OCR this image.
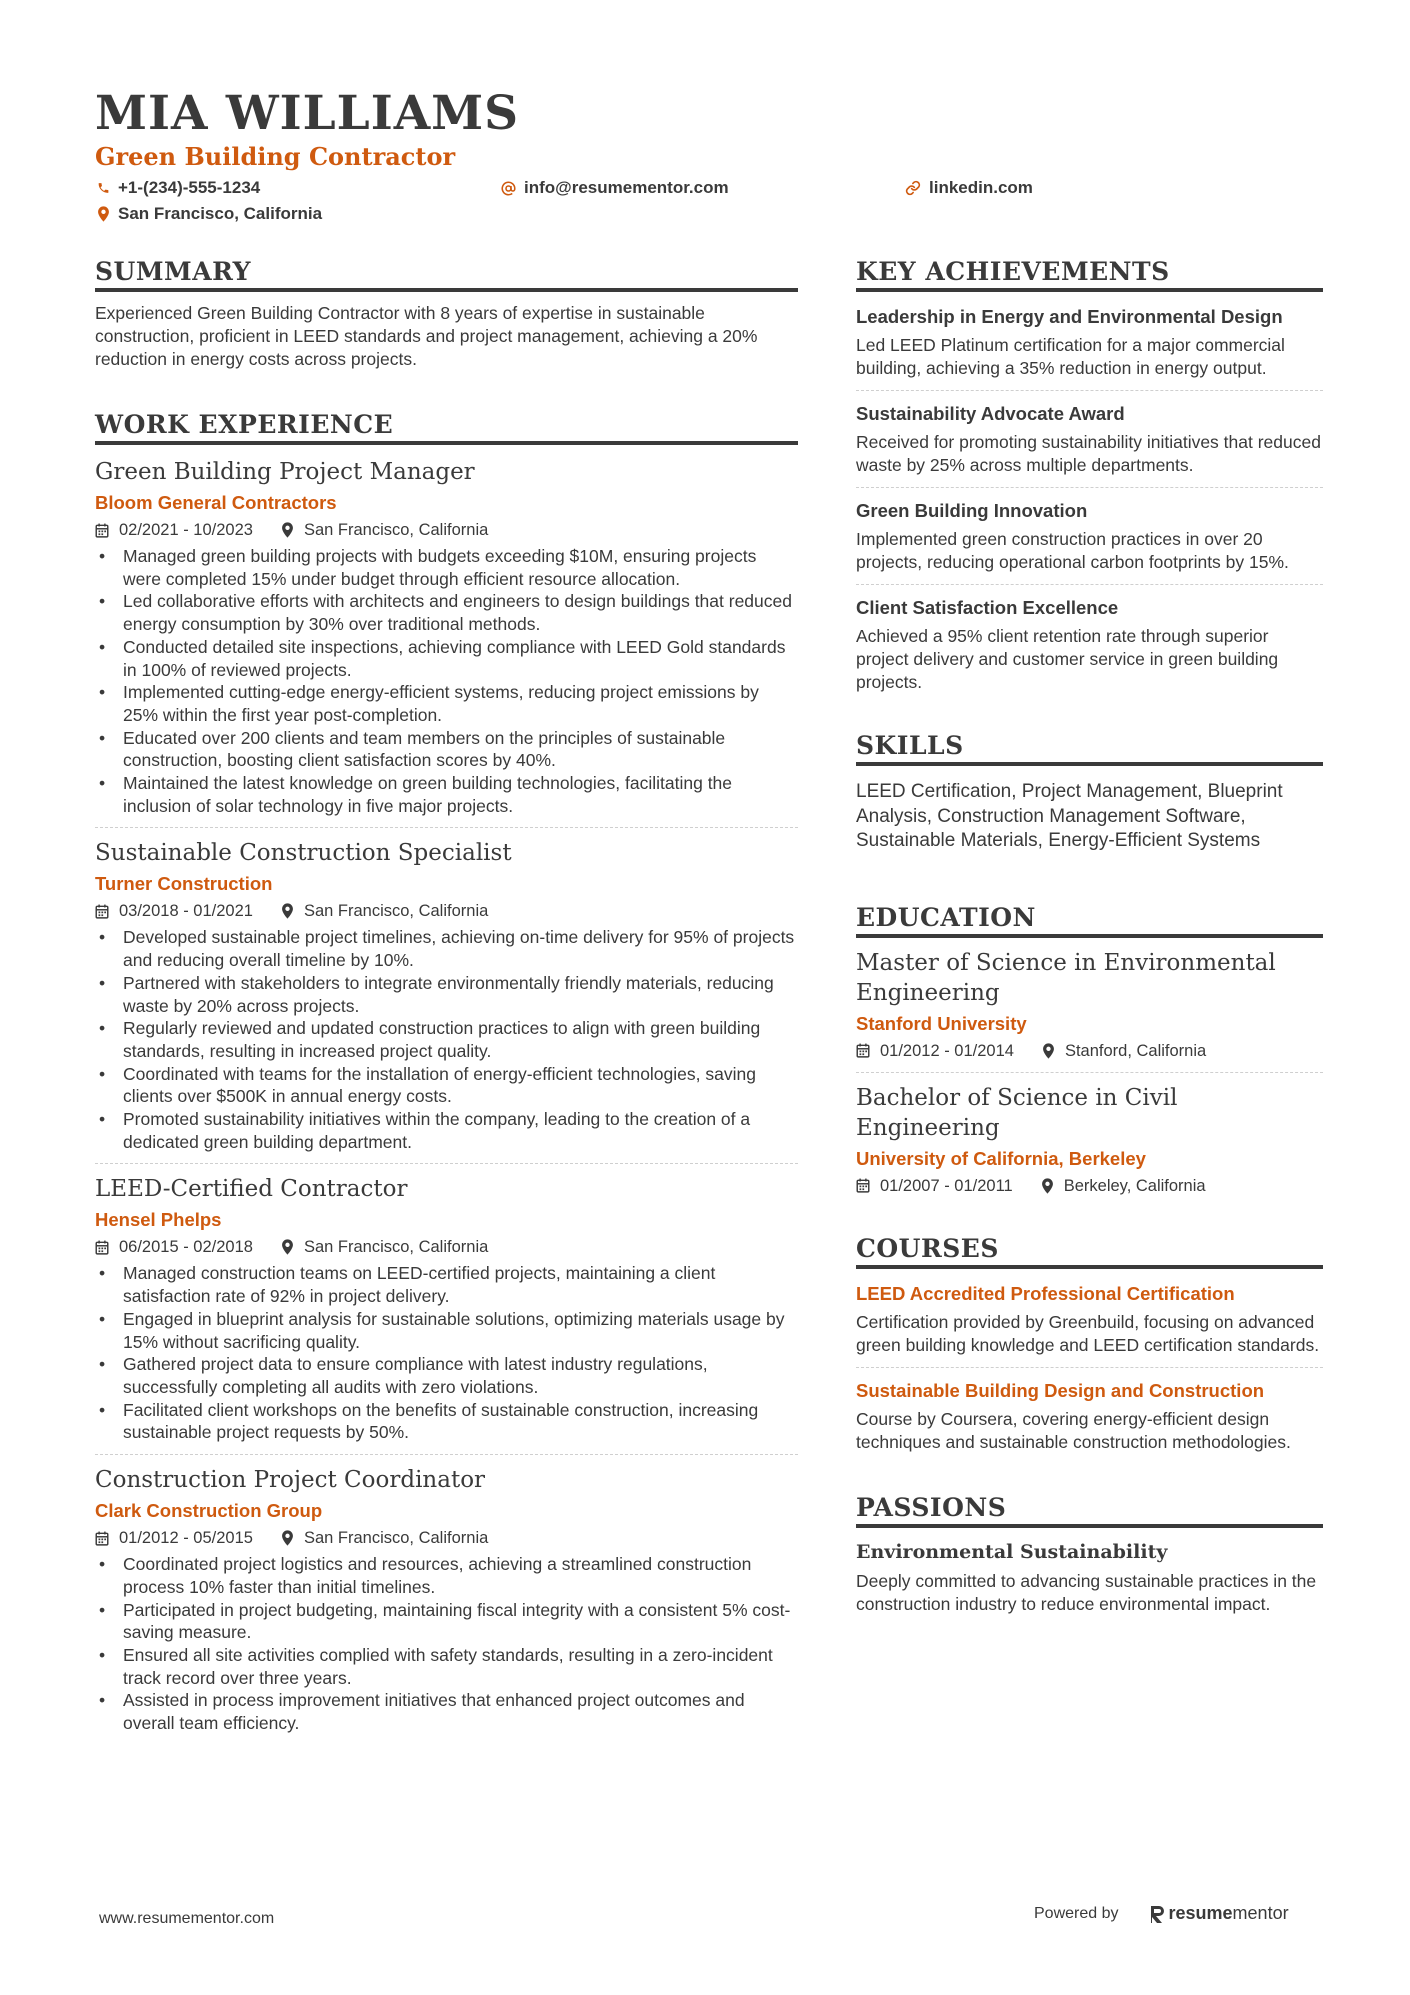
MIA WILLIAMS
Green Building Contractor
+1-(234)-555-1234	info@resumementor.com	linkedin.com
San Francisco, California
SUMMARY
Experienced Green Building Contractor with 8 years of expertise in sustainable construction, proficient in LEED standards and project management, achieving a 20% reduction in energy costs across projects.
WORK EXPERIENCE
Green Building Project Manager
Bloom General Contractors
02/2021 - 10/2023	San Francisco, California
• Managed green building projects with budgets exceeding $10M, ensuring projects were completed 15% under budget through efficient resource allocation.
• Led collaborative efforts with architects and engineers to design buildings that reduced energy consumption by 30% over traditional methods.
• Conducted detailed site inspections, achieving compliance with LEED Gold standards in 100% of reviewed projects.
• Implemented cutting-edge energy-efficient systems, reducing project emissions by 25% within the first year post-completion.
• Educated over 200 clients and team members on the principles of sustainable construction, boosting client satisfaction scores by 40%.
• Maintained the latest knowledge on green building technologies, facilitating the inclusion of solar technology in five major projects.
Sustainable Construction Specialist
Turner Construction
03/2018 - 01/2021	San Francisco, California
• Developed sustainable project timelines, achieving on-time delivery for 95% of projects and reducing overall timeline by 10%.
• Partnered with stakeholders to integrate environmentally friendly materials, reducing waste by 20% across projects.
• Regularly reviewed and updated construction practices to align with green building standards, resulting in increased project quality.
• Coordinated with teams for the installation of energy-efficient technologies, saving clients over $500K in annual energy costs.
• Promoted sustainability initiatives within the company, leading to the creation of a dedicated green building department.
LEED-Certified Contractor
Hensel Phelps
06/2015 - 02/2018	San Francisco, California
• Managed construction teams on LEED-certified projects, maintaining a client satisfaction rate of 92% in project delivery.
• Engaged in blueprint analysis for sustainable solutions, optimizing materials usage by 15% without sacrificing quality.
• Gathered project data to ensure compliance with latest industry regulations, successfully completing all audits with zero violations.
• Facilitated client workshops on the benefits of sustainable construction, increasing sustainable project requests by 50%.
Construction Project Coordinator
Clark Construction Group
01/2012 - 05/2015	San Francisco, California
• Coordinated project logistics and resources, achieving a streamlined construction process 10% faster than initial timelines.
• Participated in project budgeting, maintaining fiscal integrity with a consistent 5% cost-saving measure.
• Ensured all site activities complied with safety standards, resulting in a zero-incident track record over three years.
• Assisted in process improvement initiatives that enhanced project outcomes and overall team efficiency.
KEY ACHIEVEMENTS
Leadership in Energy and Environmental Design
Led LEED Platinum certification for a major commercial building, achieving a 35% reduction in energy output.
Sustainability Advocate Award
Received for promoting sustainability initiatives that reduced waste by 25% across multiple departments.
Green Building Innovation
Implemented green construction practices in over 20 projects, reducing operational carbon footprints by 15%.
Client Satisfaction Excellence
Achieved a 95% client retention rate through superior project delivery and customer service in green building projects.
SKILLS
LEED Certification, Project Management, Blueprint Analysis, Construction Management Software, Sustainable Materials, Energy-Efficient Systems
EDUCATION
Master of Science in Environmental Engineering
Stanford University
01/2012 - 01/2014	Stanford, California
Bachelor of Science in Civil Engineering
University of California, Berkeley
01/2007 - 01/2011	Berkeley, California
COURSES
LEED Accredited Professional Certification
Certification provided by Greenbuild, focusing on advanced green building knowledge and LEED certification standards.
Sustainable Building Design and Construction
Course by Coursera, covering energy-efficient design techniques and sustainable construction methodologies.
PASSIONS
Environmental Sustainability
Deeply committed to advancing sustainable practices in the construction industry to reduce environmental impact.
www.resumementor.com	Powered by	resume mentor
